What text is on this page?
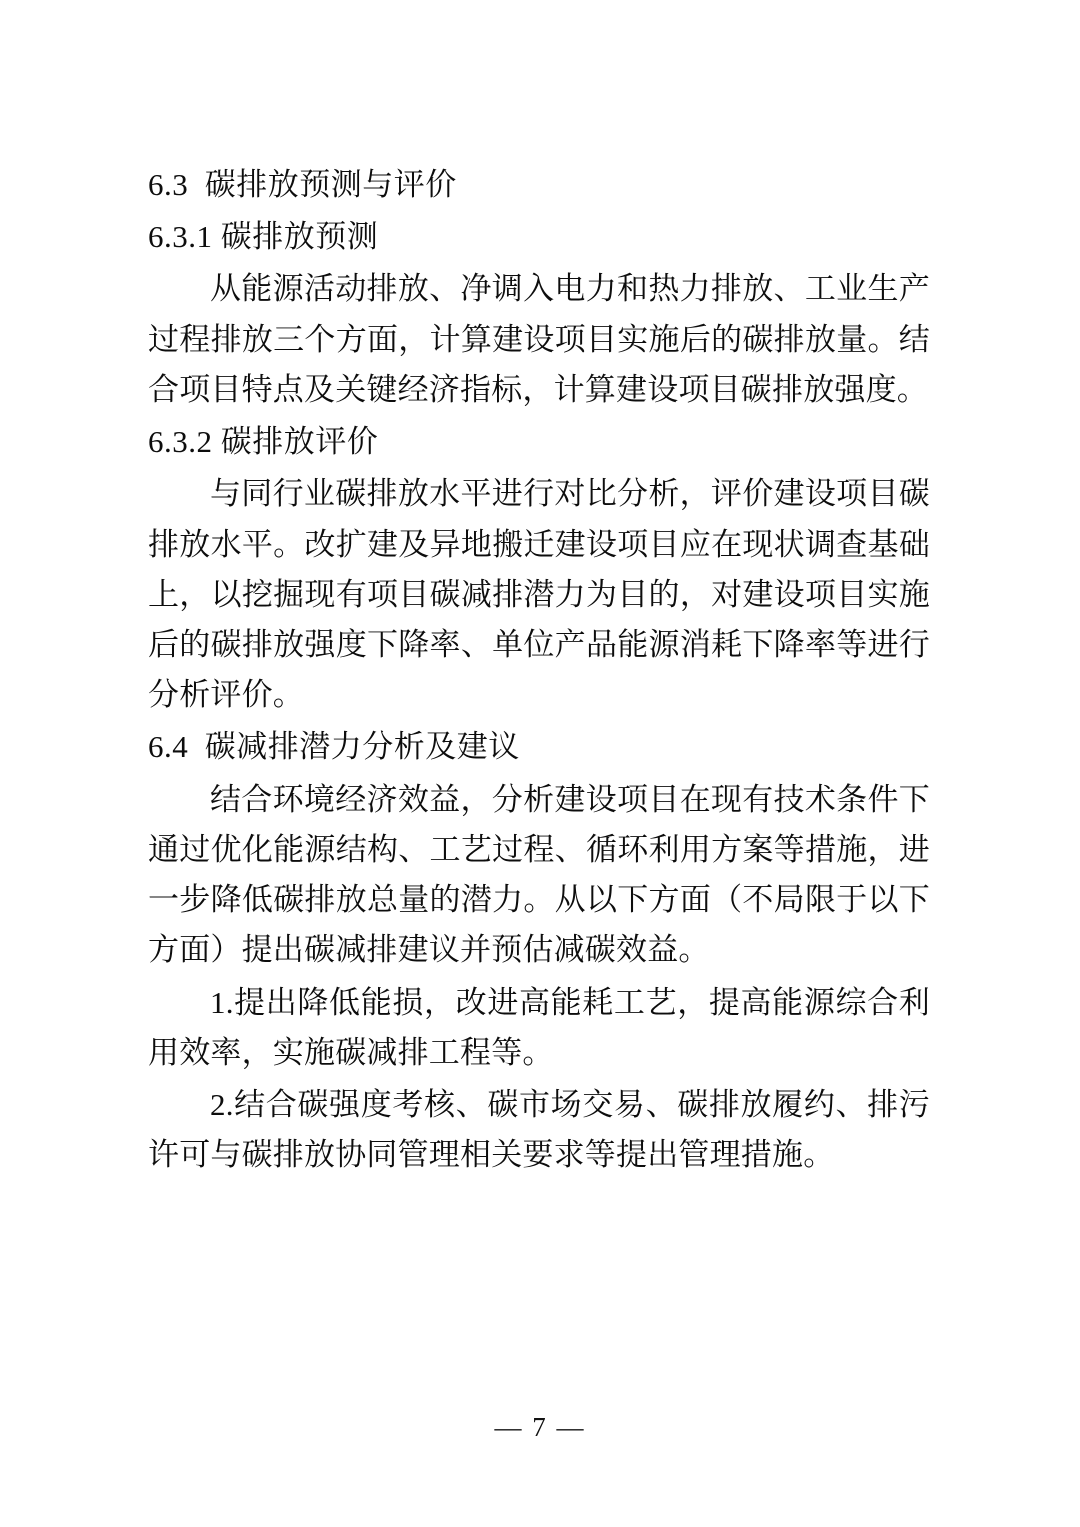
6.3  碳排放预测与评价
6.3.1 碳排放预测

从能源活动排放、净调入电力和热力排放、工业生产过程排放三个方面，计算建设项目实施后的碳排放量。结合项目特点及关键经济指标，计算建设项目碳排放强度。

6.3.2 碳排放评价

与同行业碳排放水平进行对比分析，评价建设项目碳排放水平。改扩建及异地搬迁建设项目应在现状调查基础上，以挖掘现有项目碳减排潜力为目的，对建设项目实施后的碳排放强度下降率、单位产品能源消耗下降率等进行分析评价。

6.4  碳减排潜力分析及建议

结合环境经济效益，分析建设项目在现有技术条件下通过优化能源结构、工艺过程、循环利用方案等措施，进一步降低碳排放总量的潜力。从以下方面（不局限于以下方面）提出碳减排建议并预估减碳效益。

1.提出降低能损，改进高能耗工艺，提高能源综合利用效率，实施碳减排工程等。

2.结合碳强度考核、碳市场交易、碳排放履约、排污许可与碳排放协同管理相关要求等提出管理措施。

— 7 —
